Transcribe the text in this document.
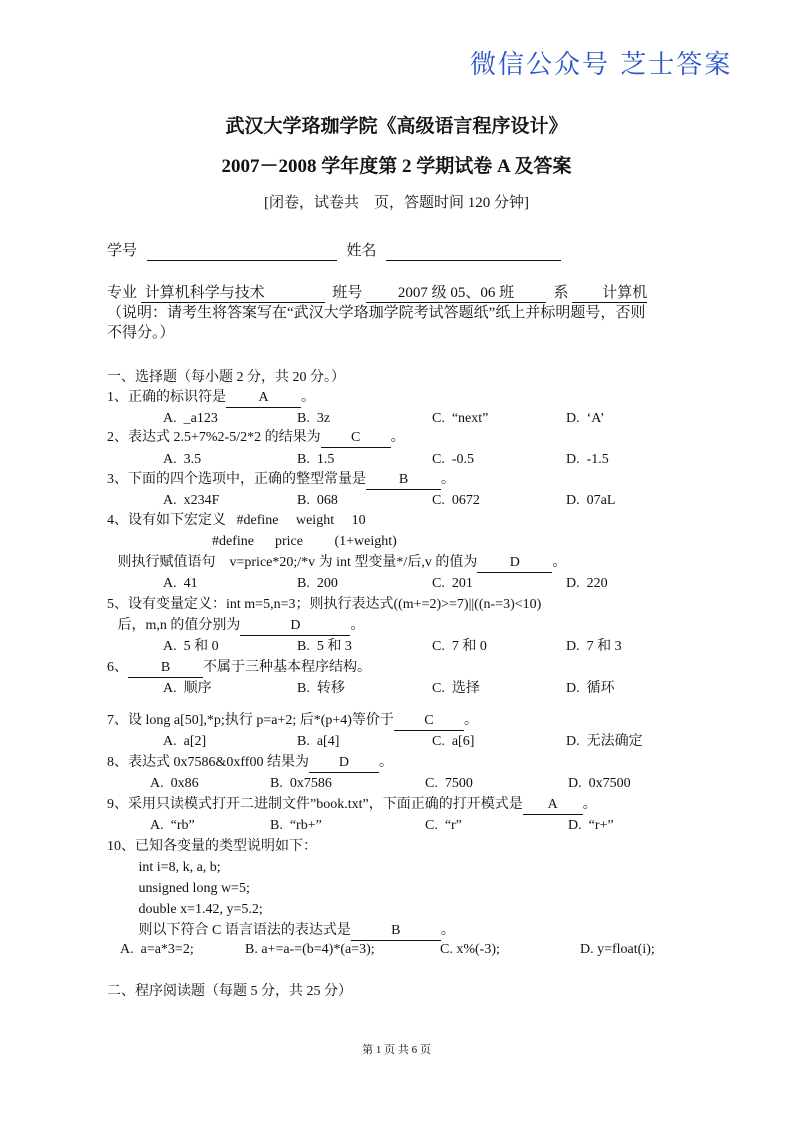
武汉大学珞珈学院《高级语言程序设计》
2007－2008 学年度第 2 学期试卷 A 及答案
[闭卷，试卷共　页，答题时间 120 分钟]
学号	姓名
专业 计算机科学与技术	班号 2007 级 05、06 班	系 计算机
（说明：请考生将答案写在“武汉大学珞珈学院考试答题纸”纸上并标明题号，否则
不得分。）
一、选择题（每小题 2 分，共 20 分。）
1、正确的标识符是 A 。
A.  _a123	B.  3z	C.  “next”	D.  ‘A’
2、表达式 2.5+7%2-5/2*2 的结果为 C 。
A.  3.5	B.  1.5	C.  -0.5	D.  -1.5
3、下面的四个选项中，正确的整型常量是 B 。
A.  x234F	B.  068	C.  0672	D.  07aL
4、设有如下宏定义   #define     weight     10
#define      price         (1+weight)
则执行赋值语句    v=price*20;/*v 为 int 型变量*/后,v 的值为 D 。
A.  41	B.  200	C.  201	D.  220
5、设有变量定义：int m=5,n=3；则执行表达式((m+=2)>=7)||((n-=3)<10)
后，m,n 的值分别为	D	。
A.  5 和 0	B.  5 和 3	C.  7 和 0	D.  7 和 3
6、 B 不属于三种基本程序结构。
A.  顺序	B.  转移	C.  选择	D.  循环
7、设 long a[50],*p;执行 p=a+2; 后*(p+4)等价于 C 。
A.  a[2]	B.  a[4]	C.  a[6]	D.  无法确定
8、表达式 0x7586&0xff00 结果为 D 。
A.  0x86	B.  0x7586	C.  7500	D.  0x7500
9、采用只读模式打开二进制文件”book.txt”，下面正确的打开模式是 A 。
A.  “rb”	B.  “rb+”	C.  “r”	D.  “r+”
10、已知各变量的类型说明如下：
int i=8, k, a, b;
unsigned long w=5;
double x=1.42, y=5.2;
则以下符合 C 语言语法的表达式是	B	。
A.  a=a*3=2;	B. a+=a-=(b=4)*(a=3);	C. x%(-3);	D. y=float(i);
二、程序阅读题（每题 5 分，共 25 分）
第 1 页 共 6 页
微信公众号 芝士答案
